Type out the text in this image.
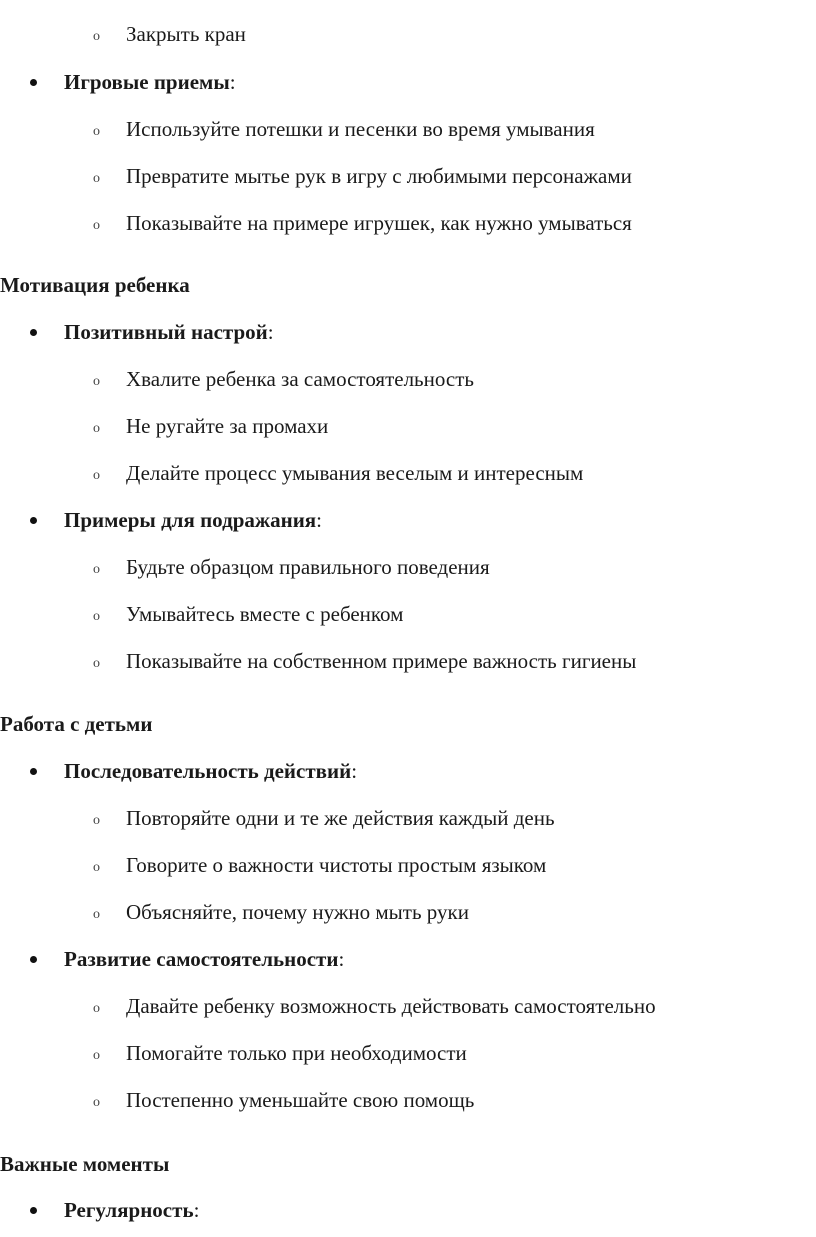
o Закрыть кран
Игровые приемы:
o Используйте потешки и песенки во время умывания
o Превратите мытье рук в игру с любимыми персонажами
o Показывайте на примере игрушек, как нужно умываться
Мотивация ребенка
Позитивный настрой:
o Хвалите ребенка за самостоятельность
o Не ругайте за промахи
o Делайте процесс умывания веселым и интересным
Примеры для подражания:
o Будьте образцом правильного поведения
o Умывайтесь вместе с ребенком
o Показывайте на собственном примере важность гигиены
Работа с детьми
Последовательность действий:
o Повторяйте одни и те же действия каждый день
o Говорите о важности чистоты простым языком
o Объясняйте, почему нужно мыть руки
Развитие самостоятельности:
o Давайте ребенку возможность действовать самостоятельно
o Помогайте только при необходимости
o Постепенно уменьшайте свою помощь
Важные моменты
Регулярность:
